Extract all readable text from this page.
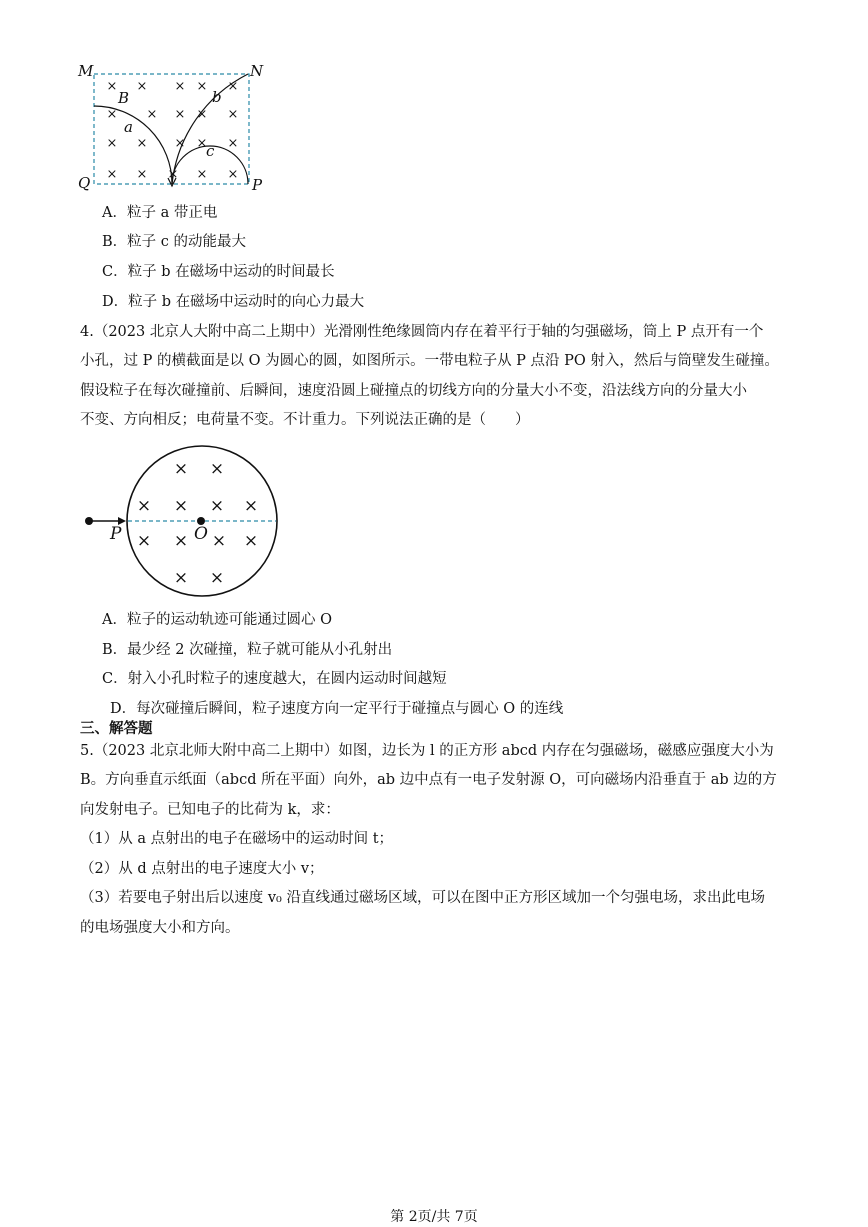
× × × × ×
× × × × ×
× × × × ×
× × × × ×
M	N
Q	P
B
a
b
c
A．粒子 a 带正电
B．粒子 c 的动能最大
C．粒子 b 在磁场中运动的时间最长
D．粒子 b 在磁场中运动时的向心力最大
4.（2023 北京人大附中高二上期中）光滑刚性绝缘圆筒内存在着平行于轴的匀强磁场，筒上 P 点开有一个
小孔，过 P 的横截面是以 O 为圆心的圆，如图所示。一带电粒子从 P 点沿 PO 射入，然后与筒壁发生碰撞。
假设粒子在每次碰撞前、后瞬间，速度沿圆上碰撞点的切线方向的分量大小不变，沿法线方向的分量大小
不变、方向相反；电荷量不变。不计重力。下列说法正确的是（　　）
× ×
× × × ×
× × × ×
× ×
P	O
A．粒子的运动轨迹可能通过圆心 O
B．最少经 2 次碰撞，粒子就可能从小孔射出
C．射入小孔时粒子的速度越大，在圆内运动时间越短
D．每次碰撞后瞬间，粒子速度方向一定平行于碰撞点与圆心 O 的连线
三、解答题
5.（2023 北京北师大附中高二上期中）如图，边长为 l 的正方形 abcd 内存在匀强磁场，磁感应强度大小为
B。方向垂直示纸面（abcd 所在平面）向外，ab 边中点有一电子发射源 O，可向磁场内沿垂直于 ab 边的方
向发射电子。已知电子的比荷为 k，求：
（1）从 a 点射出的电子在磁场中的运动时间 t；
（2）从 d 点射出的电子速度大小 v；
（3）若要电子射出后以速度 v₀ 沿直线通过磁场区域，可以在图中正方形区域加一个匀强电场，求出此电场
的电场强度大小和方向。
第 2页/共 7页
